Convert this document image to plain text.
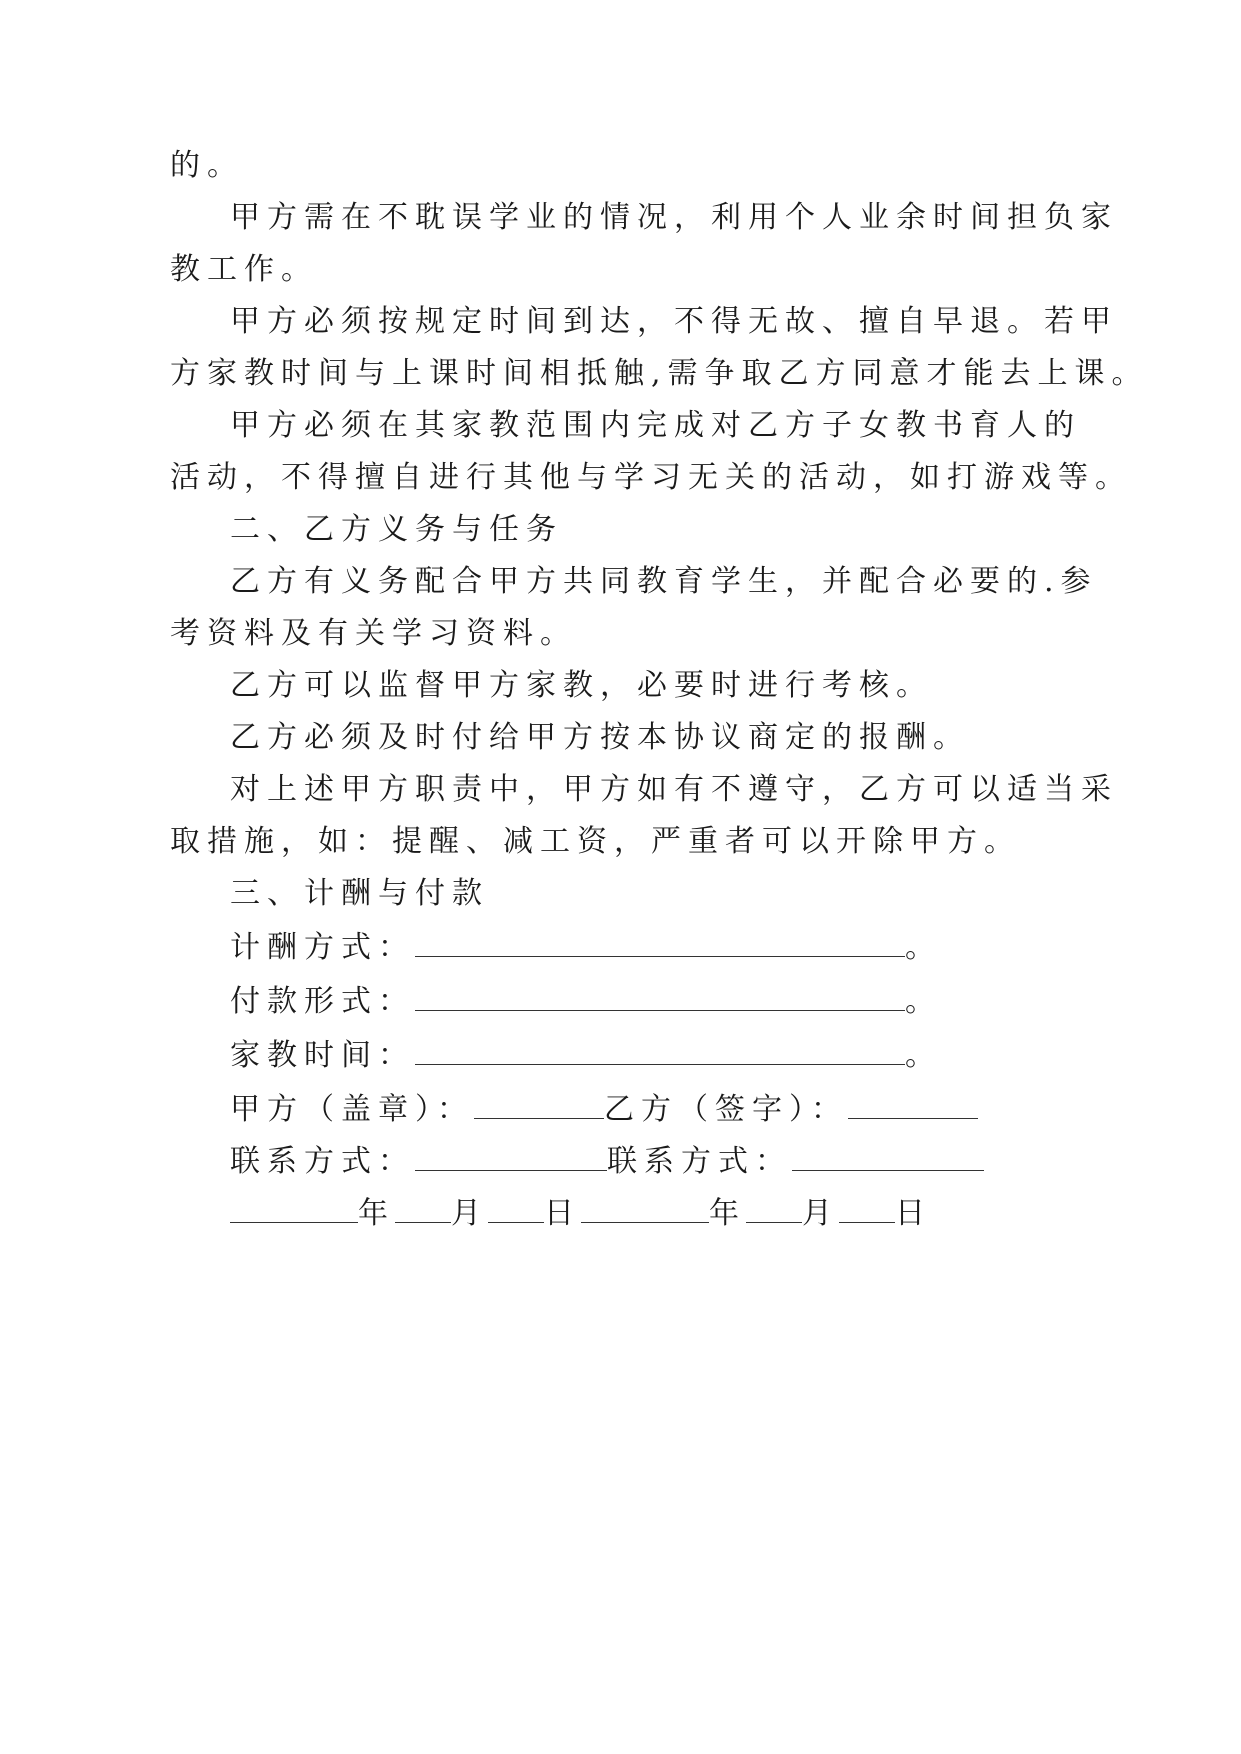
的。
甲方需在不耽误学业的情况，利用个人业余时间担负家
教工作。
甲方必须按规定时间到达，不得无故、擅自早退。若甲
方家教时间与上课时间相抵触,需争取乙方同意才能去上课。
甲方必须在其家教范围内完成对乙方子女教书育人的
活动，不得擅自进行其他与学习无关的活动，如打游戏等。
二、乙方义务与任务
乙方有义务配合甲方共同教育学生，并配合必要的.参
考资料及有关学习资料。
乙方可以监督甲方家教，必要时进行考核。
乙方必须及时付给甲方按本协议商定的报酬。
对上述甲方职责中，甲方如有不遵守，乙方可以适当采
取措施，如：提醒、减工资，严重者可以开除甲方。
三、计酬与付款
计酬方式：	。
付款形式：	。
家教时间：	。
甲方（盖章）：	乙方（签字）：
联系方式：	联系方式：
年 月 日	年 月 日
